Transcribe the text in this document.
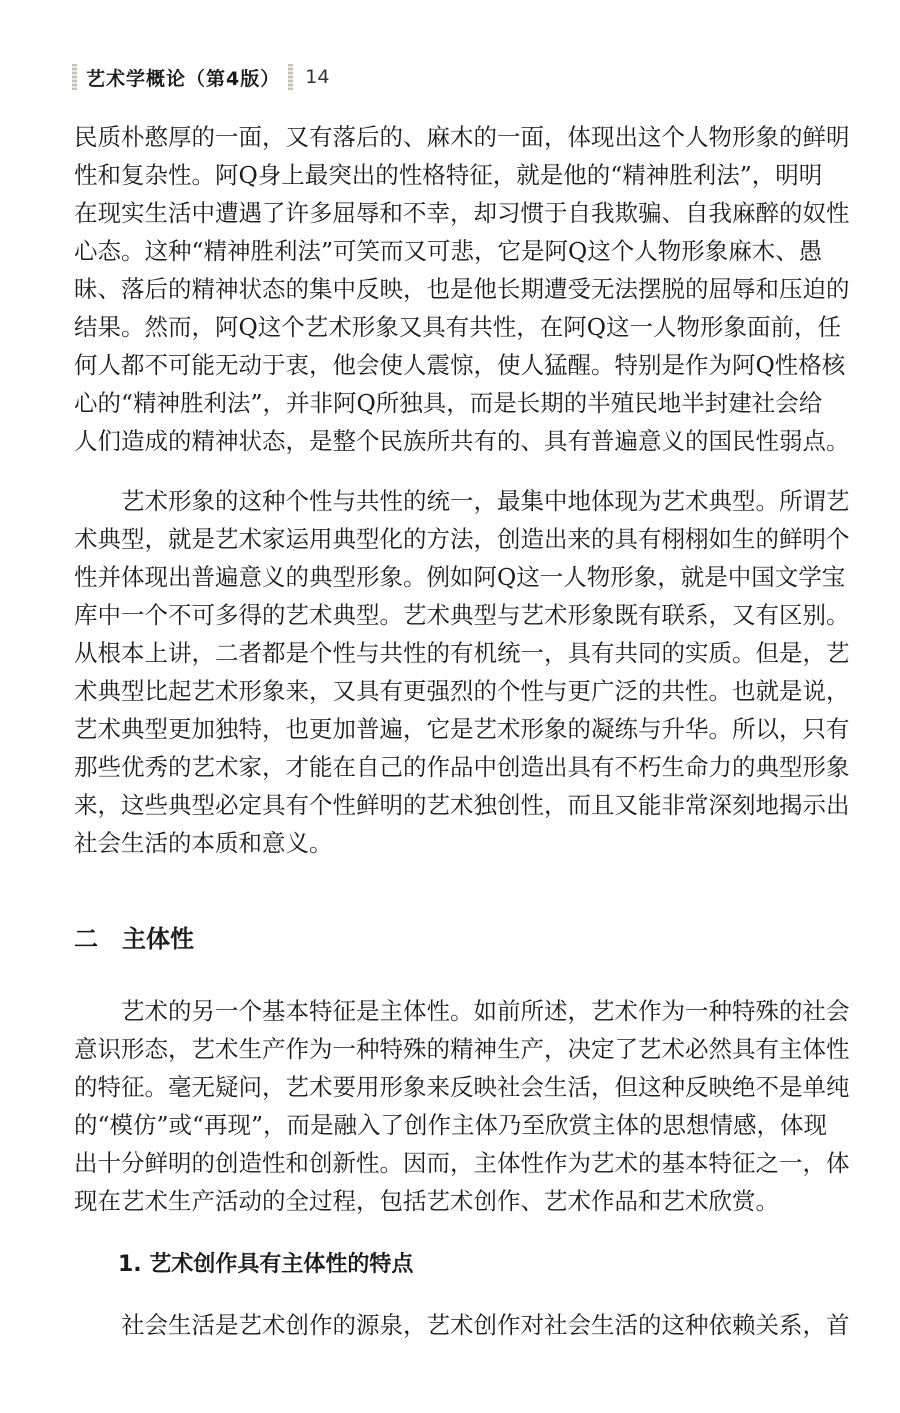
艺术学概论（第4版） 14
民质朴憨厚的一面，又有落后的、麻木的一面，体现出这个人物形象的鲜明
性和复杂性。阿Q身上最突出的性格特征，就是他的“精神胜利法”，明明
在现实生活中遭遇了许多屈辱和不幸，却习惯于自我欺骗、自我麻醉的奴性
心态。这种“精神胜利法”可笑而又可悲，它是阿Q这个人物形象麻木、愚
昧、落后的精神状态的集中反映，也是他长期遭受无法摆脱的屈辱和压迫的
结果。然而，阿Q这个艺术形象又具有共性，在阿Q这一人物形象面前，任
何人都不可能无动于衷，他会使人震惊，使人猛醒。特别是作为阿Q性格核
心的“精神胜利法”，并非阿Q所独具，而是长期的半殖民地半封建社会给
人们造成的精神状态，是整个民族所共有的、具有普遍意义的国民性弱点。
　　艺术形象的这种个性与共性的统一，最集中地体现为艺术典型。所谓艺
术典型，就是艺术家运用典型化的方法，创造出来的具有栩栩如生的鲜明个
性并体现出普遍意义的典型形象。例如阿Q这一人物形象，就是中国文学宝
库中一个不可多得的艺术典型。艺术典型与艺术形象既有联系，又有区别。
从根本上讲，二者都是个性与共性的有机统一，具有共同的实质。但是，艺
术典型比起艺术形象来，又具有更强烈的个性与更广泛的共性。也就是说，
艺术典型更加独特，也更加普遍，它是艺术形象的凝练与升华。所以，只有
那些优秀的艺术家，才能在自己的作品中创造出具有不朽生命力的典型形象
来，这些典型必定具有个性鲜明的艺术独创性，而且又能非常深刻地揭示出
社会生活的本质和意义。
二　主体性
　　艺术的另一个基本特征是主体性。如前所述，艺术作为一种特殊的社会
意识形态，艺术生产作为一种特殊的精神生产，决定了艺术必然具有主体性
的特征。毫无疑问，艺术要用形象来反映社会生活，但这种反映绝不是单纯
的“模仿”或“再现”，而是融入了创作主体乃至欣赏主体的思想情感，体现
出十分鲜明的创造性和创新性。因而，主体性作为艺术的基本特征之一，体
现在艺术生产活动的全过程，包括艺术创作、艺术作品和艺术欣赏。
1. 艺术创作具有主体性的特点
　　社会生活是艺术创作的源泉，艺术创作对社会生活的这种依赖关系，首
